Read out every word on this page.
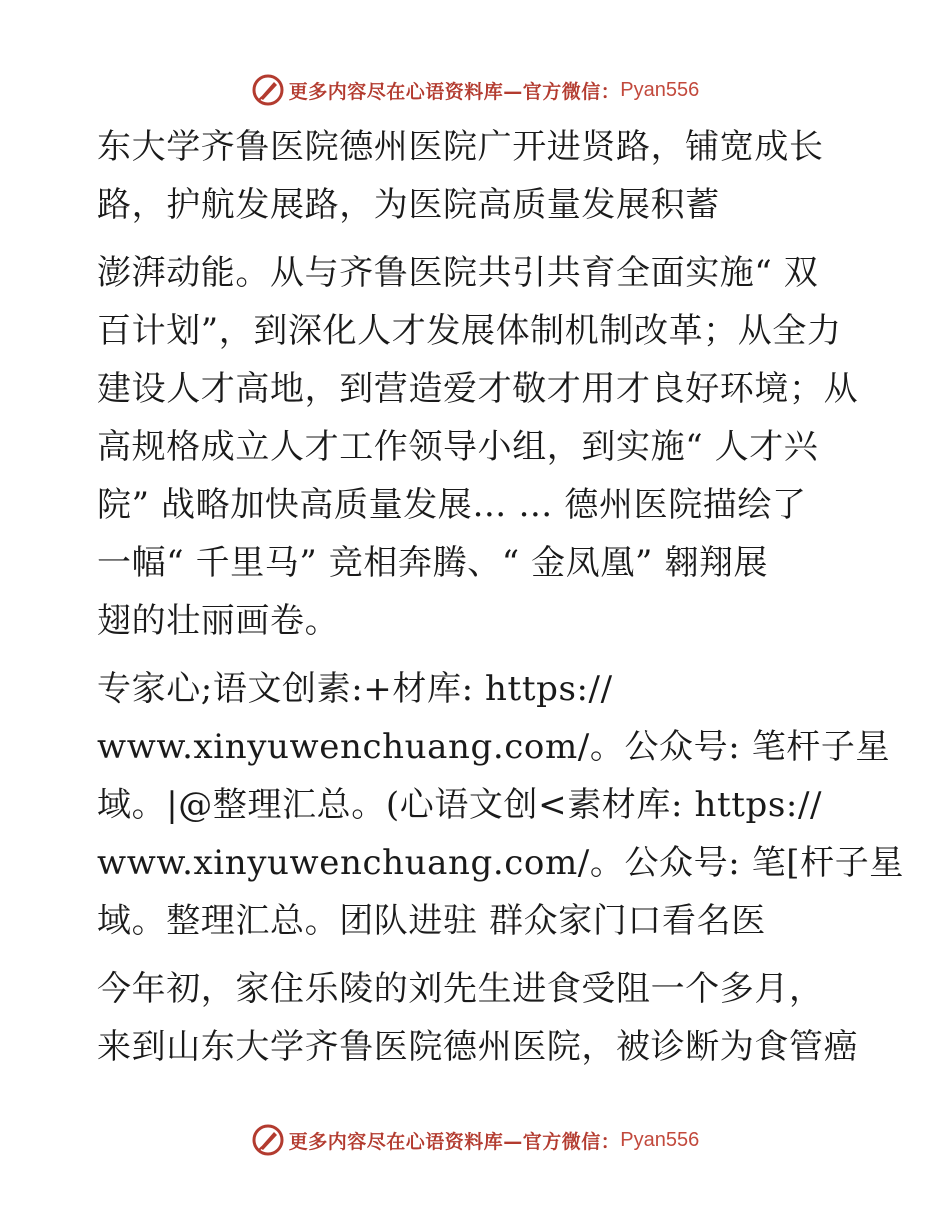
更多内容尽在心语资料库—官方微信： Pyan556
东大学齐鲁医院德州医院广开进贤路，铺宽成长
路，护航发展路，为医院高质量发展积蓄
澎湃动能。从与齐鲁医院共引共育全面实施“ 双
百计划”，到深化人才发展体制机制改革；从全力
建设人才高地，到营造爱才敬才用才良好环境；从
高规格成立人才工作领导小组，到实施“ 人才兴
院” 战略加快高质量发展… … 德州医院描绘了
一幅“ 千里马” 竞相奔腾、“ 金凤凰” 翱翔展
翅的壮丽画卷。
专家心;语文创素:+材库: https://
www.xinyuwenchuang.com/。公众号: 笔杆子星
域。|@整理汇总。(心语文创<素材库: https://
www.xinyuwenchuang.com/。公众号: 笔[杆子星
域。整理汇总。团队进驻 群众家门口看名医
今年初，家住乐陵的刘先生进食受阻一个多月，
来到山东大学齐鲁医院德州医院，被诊断为食管癌
更多内容尽在心语资料库—官方微信： Pyan556
